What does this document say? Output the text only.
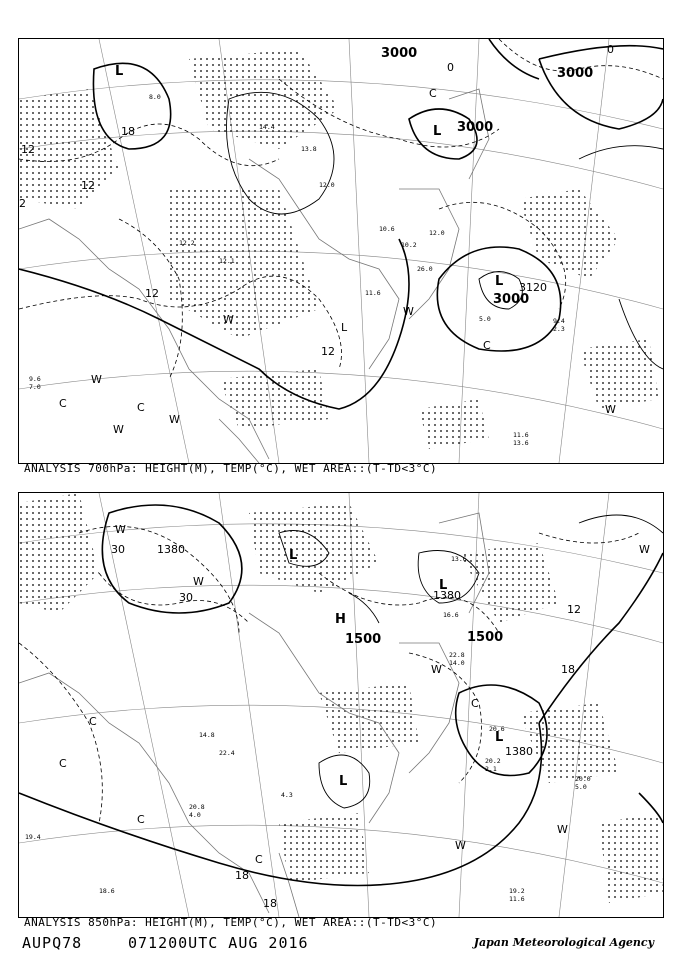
14.4
13.8
12.0
11.6
10.2
26.0
12.0
9.4
2.3
11.6
13.6
9.6
7.0
12.2
10.6
8.0
12.1
5.0
3000
3000
3000
3120
3000
12
12
12
18
0
0
2
12
L
L
L
L
C
C	C
W
W
W
W
W
W
C
ANALYSIS 700hPa: HEIGHT(M), TEMP(°C), WET AREA::(T-TD<3°C)
20.6
14.8
22.4
20.0
5.0
20.8
4.0
19.2
11.6
18.6
13.6
20.2
2.1
22.8
14.0
16.6
19.4
4.3
1380
1500
1380
1500
1380
30
30
12
18
18
18
L
L
L
L
H
W
W
C
C
C
C
C
W
W
W
W
ANALYSIS 850hPa: HEIGHT(M), TEMP(°C), WET AREA::(T-TD<3°C)
AUPQ78	071200UTC AUG 2016	Japan Meteorological Agency
